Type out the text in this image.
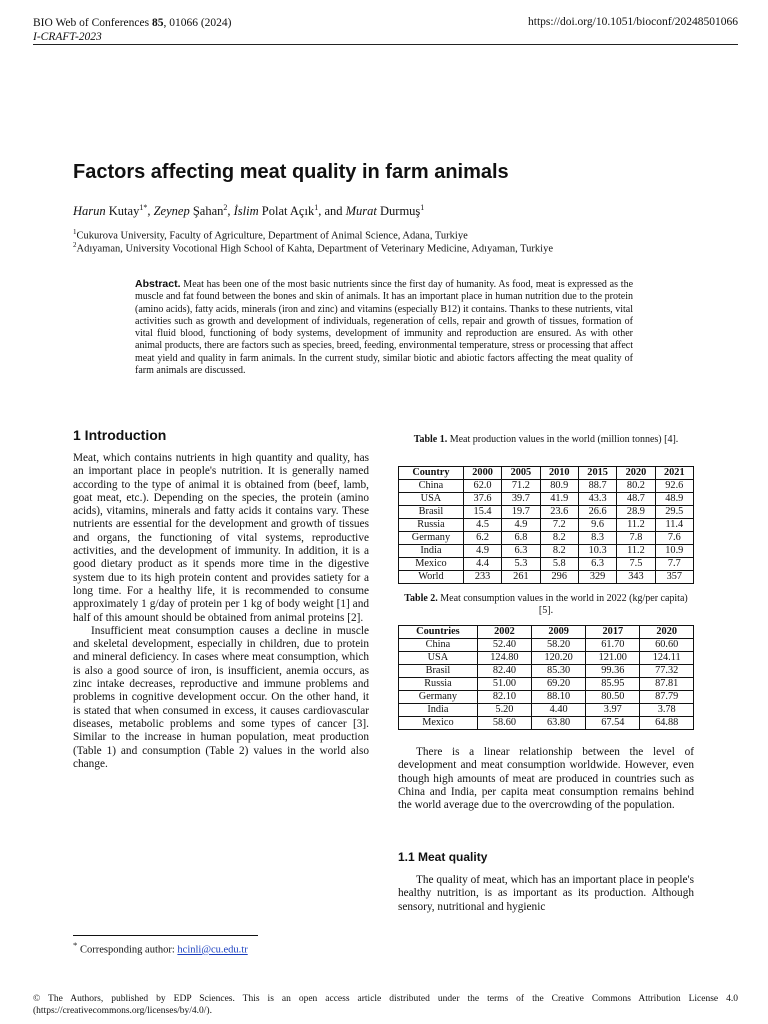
BIO Web of Conferences 85, 01066 (2024)
I-CRAFT-2023
https://doi.org/10.1051/bioconf/20248501066
Factors affecting meat quality in farm animals
Harun Kutay$^{1*}$, Zeynep Şahan$^2$, İslim Polat Açık$^1$, and Murat Durmuş$^1$
$^1$Cukurova University, Faculty of Agriculture, Department of Animal Science, Adana, Turkiye
$^2$Adıyaman, University Vocotional High School of Kahta, Department of Veterinary Medicine, Adıyaman, Turkiye
Abstract. Meat has been one of the most basic nutrients since the first day of humanity. As food, meat is expressed as the muscle and fat found between the bones and skin of animals. It has an important place in human nutrition due to the protein (amino acids), fatty acids, minerals (iron and zinc) and vitamins (especially B12) it contains. Thanks to these nutrients, vital activities such as growth and development of individuals, regeneration of cells, repair and growth of tissues, formation of vital fluid blood, functioning of body systems, development of immunity and reproduction are ensured. As with other animal products, there are factors such as species, breed, feeding, environmental temperature, stress or processing that affect meat yield and quality in farm animals. In the current study, similar biotic and abiotic factors affecting the meat quality of farm animals are discussed.
1 Introduction

Meat, which contains nutrients in high quantity and quality, has an important place in people's nutrition. It is generally named according to the type of animal it is obtained from (beef, lamb, goat meat, etc.). Depending on the species, the protein (amino acids), vitamins, minerals and fatty acids it contains vary. These nutrients are essential for the development and growth of tissues and organs, the functioning of vital systems, reproductive activities, and the development of immunity. In addition, it is a good dietary product as it spends more time in the digestive system due to its high protein content and provides satiety for a long time. For a healthy life, it is recommended to consume approximately 1 g/day of protein per 1 kg of body weight [1] and half of this amount should be obtained from animal proteins [2].

Insufficient meat consumption causes a decline in muscle and skeletal development, especially in children, due to protein and mineral deficiency. In cases where meat consumption, which is also a good source of iron, is insufficient, anemia occurs, as zinc intake decreases, reproductive and immune problems and problems in cognitive development occur. On the other hand, it is stated that when consumed in excess, it causes cardiovascular diseases, metabolic problems and some types of cancer [3]. Similar to the increase in human population, meat production (Table 1) and consumption (Table 2) values in the world also change.

Table 1. Meat production values in the world (million tonnes) [4].
Country	2000	2005	2010	2015	2020	2021
China	62.0	71.2	80.9	88.7	80.2	92.6
USA	37.6	39.7	41.9	43.3	48.7	48.9
Brasil	15.4	19.7	23.6	26.6	28.9	29.5
Russia	4.5	4.9	7.2	9.6	11.2	11.4
Germany	6.2	6.8	8.2	8.3	7.8	7.6
India	4.9	6.3	8.2	10.3	11.2	10.9
Mexico	4.4	5.3	5.8	6.3	7.5	7.7
World	233	261	296	329	343	357
Table 2. Meat consumption values in the world in 2022 (kg/per capita) [5].
Countries	2002	2009	2017	2020
China	52.40	58.20	61.70	60.60
USA	124.80	120.20	121.00	124.11
Brasil	82.40	85.30	99.36	77.32
Russia	51.00	69.20	85.95	87.81
Germany	82.10	88.10	80.50	87.79
India	5.20	4.40	3.97	3.78
Mexico	58.60	63.80	67.54	64.88

There is a linear relationship between the level of development and meat consumption worldwide. However, even though high amounts of meat are produced in countries such as China and India, per capita meat consumption remains behind the world average due to the overcrowding of the population.

1.1 Meat quality

The quality of meat, which has an important place in people's healthy nutrition, is as important as its production. Although sensory, nutritional and hygienic

* Corresponding author: hcinli@cu.edu.tr
© The Authors, published by EDP Sciences. This is an open access article distributed under the terms of the Creative Commons Attribution License 4.0 (https://creativecommons.org/licenses/by/4.0/).
